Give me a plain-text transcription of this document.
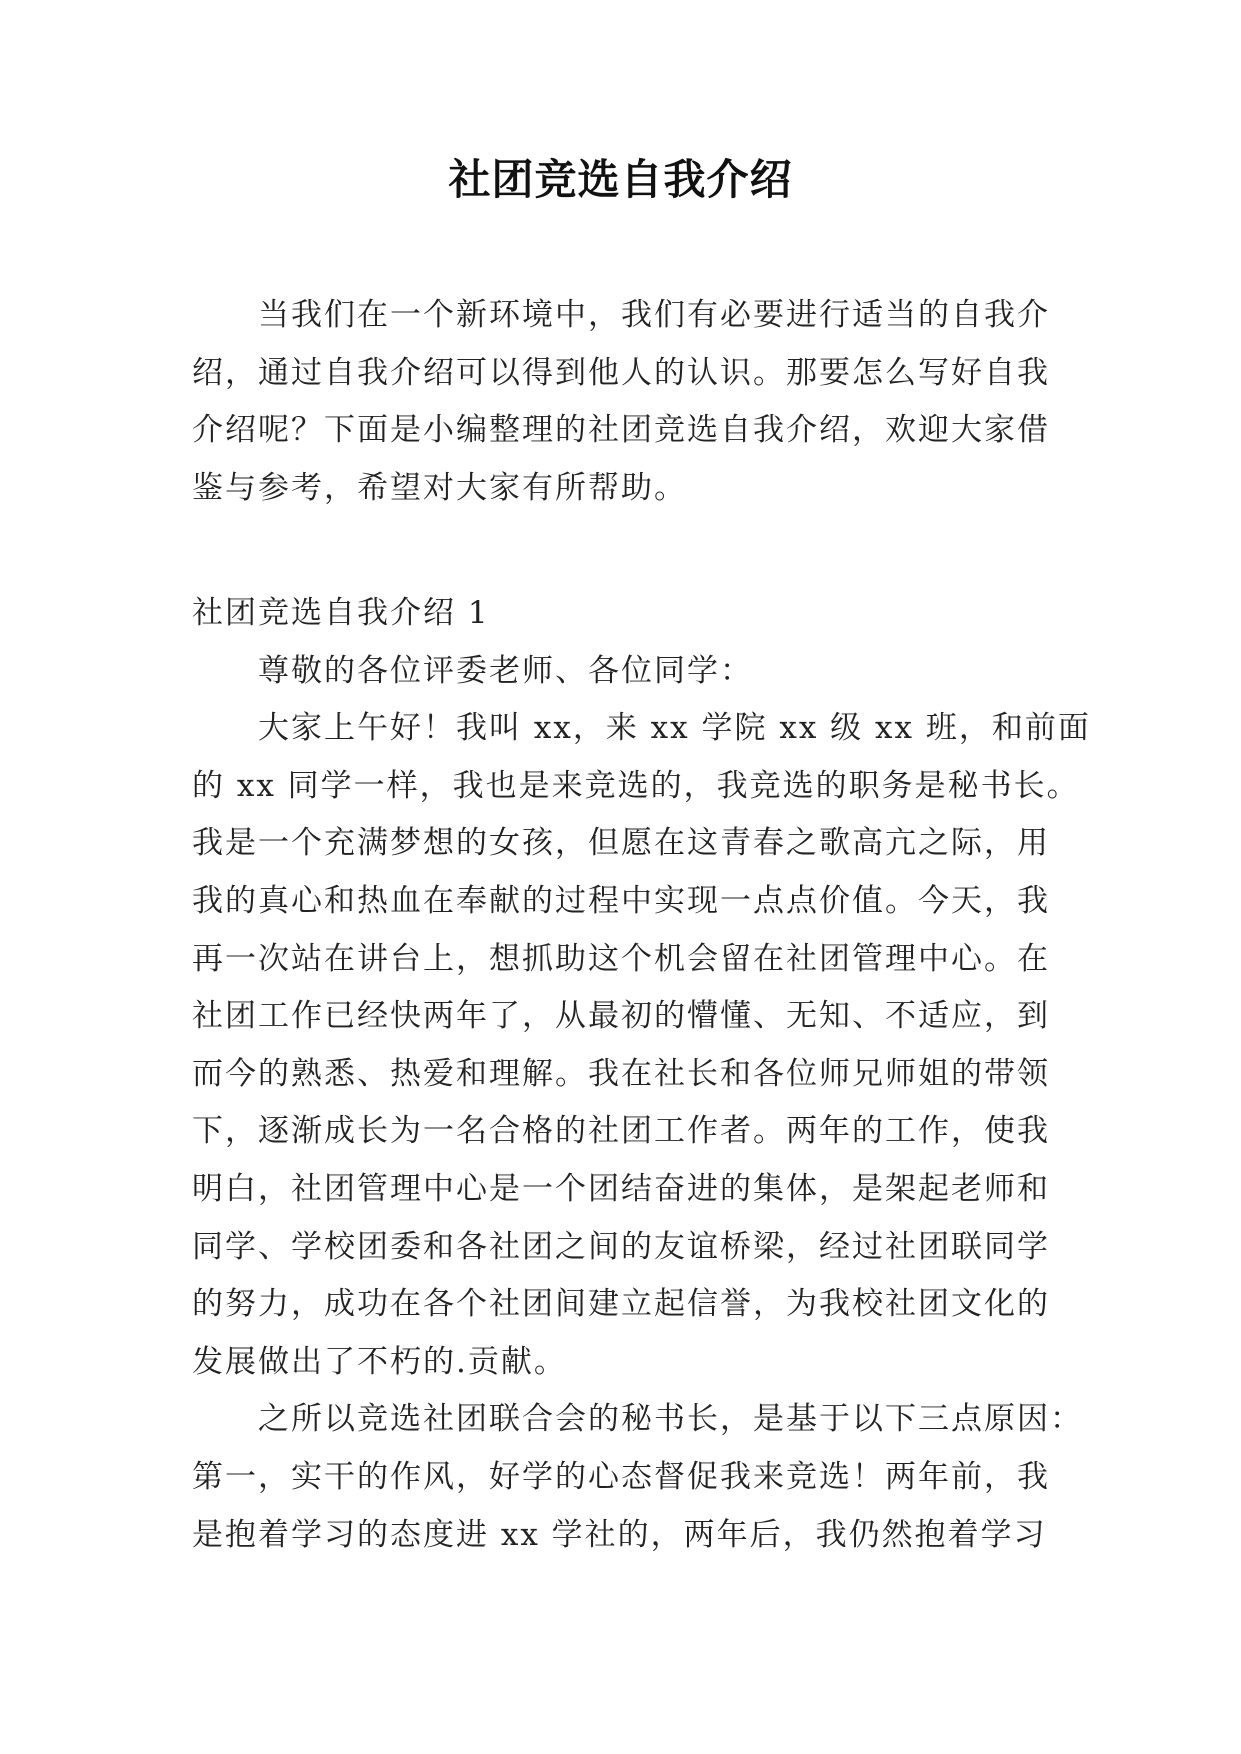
社团竞选自我介绍
当我们在一个新环境中，我们有必要进行适当的自我介
绍，通过自我介绍可以得到他人的认识。那要怎么写好自我
介绍呢？下面是小编整理的社团竞选自我介绍，欢迎大家借
鉴与参考，希望对大家有所帮助。
社团竞选自我介绍 1
尊敬的各位评委老师、各位同学：
大家上午好！我叫 xx，来 xx 学院 xx 级 xx 班，和前面
的 xx 同学一样，我也是来竞选的，我竞选的职务是秘书长。
我是一个充满梦想的女孩，但愿在这青春之歌高亢之际，用
我的真心和热血在奉献的过程中实现一点点价值。今天，我
再一次站在讲台上，想抓助这个机会留在社团管理中心。在
社团工作已经快两年了，从最初的懵懂、无知、不适应，到
而今的熟悉、热爱和理解。我在社长和各位师兄师姐的带领
下，逐渐成长为一名合格的社团工作者。两年的工作，使我
明白，社团管理中心是一个团结奋进的集体，是架起老师和
同学、学校团委和各社团之间的友谊桥梁，经过社团联同学
的努力，成功在各个社团间建立起信誉，为我校社团文化的
发展做出了不朽的.贡献。
之所以竞选社团联合会的秘书长，是基于以下三点原因：
第一，实干的作风，好学的心态督促我来竞选！两年前，我
是抱着学习的态度进 xx 学社的，两年后，我仍然抱着学习
